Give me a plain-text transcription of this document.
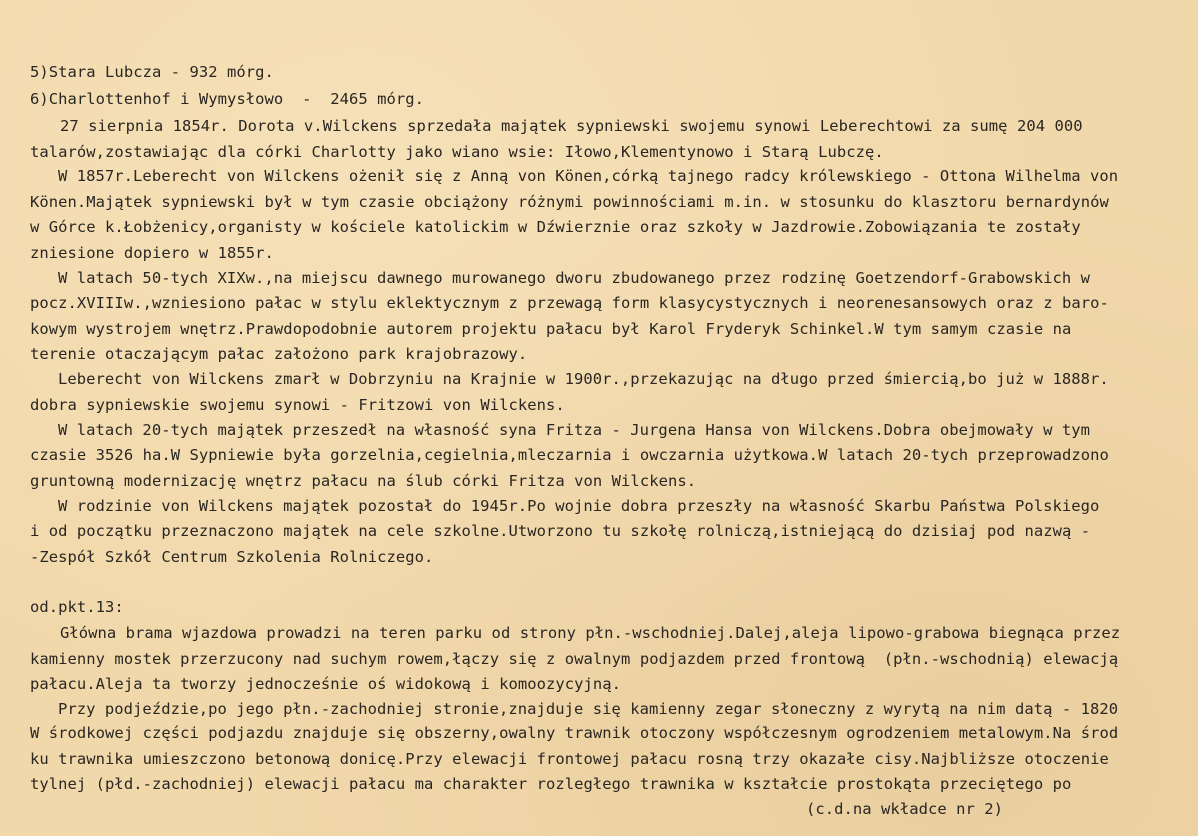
5)Stara Lubcza - 932 mórg.
6)Charlottenhof i Wymysłowo  -  2465 mórg.
27 sierpnia 1854r. Dorota v.Wilckens sprzedała majątek sypniewski swojemu synowi Leberechtowi za sumę 204 000
talarów,zostawiając dla córki Charlotty jako wiano wsie: Iłowo,Klementynowo i Starą Lubczę.
W 1857r.Leberecht von Wilckens ożenił się z Anną von Könen,córką tajnego radcy królewskiego - Ottona Wilhelma von
Könen.Majątek sypniewski był w tym czasie obciążony różnymi powinnościami m.in. w stosunku do klasztoru bernardynów
w Górce k.Łobżenicy,organisty w kościele katolickim w Dźwierznie oraz szkoły w Jazdrowie.Zobowiązania te zostały
zniesione dopiero w 1855r.
W latach 50-tych XIXw.,na miejscu dawnego murowanego dworu zbudowanego przez rodzinę Goetzendorf-Grabowskich w
pocz.XVIIIw.,wzniesiono pałac w stylu eklektycznym z przewagą form klasycystycznych i neorenesansowych oraz z baro-
kowym wystrojem wnętrz.Prawdopodobnie autorem projektu pałacu był Karol Fryderyk Schinkel.W tym samym czasie na
terenie otaczającym pałac założono park krajobrazowy.
Leberecht von Wilckens zmarł w Dobrzyniu na Krajnie w 1900r.,przekazując na długo przed śmiercią,bo już w 1888r.
dobra sypniewskie swojemu synowi - Fritzowi von Wilckens.
W latach 20-tych majątek przeszedł na własność syna Fritza - Jurgena Hansa von Wilckens.Dobra obejmowały w tym
czasie 3526 ha.W Sypniewie była gorzelnia,cegielnia,mleczarnia i owczarnia użytkowa.W latach 20-tych przeprowadzono
gruntowną modernizację wnętrz pałacu na ślub córki Fritza von Wilckens.
W rodzinie von Wilckens majątek pozostał do 1945r.Po wojnie dobra przeszły na własność Skarbu Państwa Polskiego
i od początku przeznaczono majątek na cele szkolne.Utworzono tu szkołę rolniczą,istniejącą do dzisiaj pod nazwą -
-Zespół Szkół Centrum Szkolenia Rolniczego.
od.pkt.13:
Główna brama wjazdowa prowadzi na teren parku od strony płn.-wschodniej.Dalej,aleja lipowo-grabowa biegnąca przez
kamienny mostek przerzucony nad suchym rowem,łączy się z owalnym podjazdem przed frontową  (płn.-wschodnią) elewacją
pałacu.Aleja ta tworzy jednocześnie oś widokową i komoozycyjną.
Przy podjeździe,po jego płn.-zachodniej stronie,znajduje się kamienny zegar słoneczny z wyrytą na nim datą - 1820
W środkowej części podjazdu znajduje się obszerny,owalny trawnik otoczony współczesnym ogrodzeniem metalowym.Na środ
ku trawnika umieszczono betonową donicę.Przy elewacji frontowej pałacu rosną trzy okazałe cisy.Najbliższe otoczenie
tylnej (płd.-zachodniej) elewacji pałacu ma charakter rozległego trawnika w kształcie prostokąta przeciętego po
(c.d.na wkładce nr 2)
